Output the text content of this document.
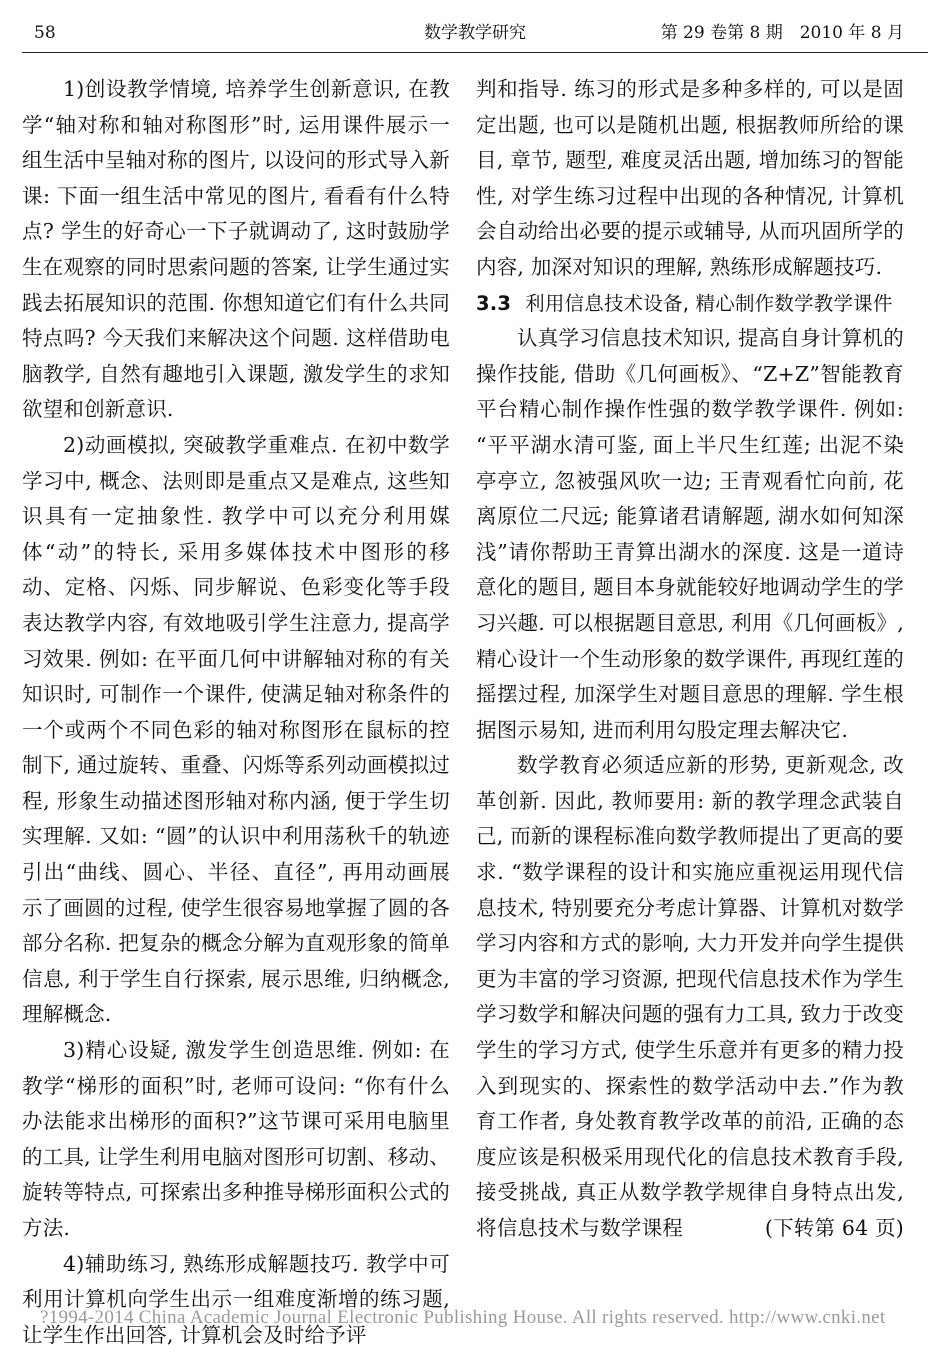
58	数学教学研究	第 29 卷第 8 期　2010 年 8 月

1)创设教学情境, 培养学生创新意识, 在教学“轴对称和轴对称图形”时, 运用课件展示一组生活中呈轴对称的图片, 以设问的形式导入新课: 下面一组生活中常见的图片, 看看有什么特点? 学生的好奇心一下子就调动了, 这时鼓励学生在观察的同时思索问题的答案, 让学生通过实践去拓展知识的范围. 你想知道它们有什么共同特点吗? 今天我们来解决这个问题. 这样借助电脑教学, 自然有趣地引入课题, 激发学生的求知欲望和创新意识.

2)动画模拟, 突破教学重难点. 在初中数学学习中, 概念、法则即是重点又是难点, 这些知识具有一定抽象性. 教学中可以充分利用媒体“动”的特长, 采用多媒体技术中图形的移动、定格、闪烁、同步解说、色彩变化等手段表达教学内容, 有效地吸引学生注意力, 提高学习效果. 例如: 在平面几何中讲解轴对称的有关知识时, 可制作一个课件, 使满足轴对称条件的一个或两个不同色彩的轴对称图形在鼠标的控制下, 通过旋转、重叠、闪烁等系列动画模拟过程, 形象生动描述图形轴对称内涵, 便于学生切实理解. 又如: “圆”的认识中利用荡秋千的轨迹引出“曲线、圆心、半径、直径”, 再用动画展示了画圆的过程, 使学生很容易地掌握了圆的各部分名称. 把复杂的概念分解为直观形象的简单信息, 利于学生自行探索, 展示思维, 归纳概念, 理解概念.

3)精心设疑, 激发学生创造思维. 例如: 在教学“梯形的面积”时, 老师可设问: “你有什么办法能求出梯形的面积?”这节课可采用电脑里的工具, 让学生利用电脑对图形可切割、移动、旋转等特点, 可探索出多种推导梯形面积公式的方法.

4)辅助练习, 熟练形成解题技巧. 教学中可利用计算机向学生出示一组难度渐增的练习题, 让学生作出回答, 计算机会及时给予评

判和指导. 练习的形式是多种多样的, 可以是固定出题, 也可以是随机出题, 根据教师所给的课目, 章节, 题型, 难度灵活出题, 增加练习的智能性, 对学生练习过程中出现的各种情况, 计算机会自动给出必要的提示或辅导, 从而巩固所学的内容, 加深对知识的理解, 熟练形成解题技巧.

3.3 利用信息技术设备, 精心制作数学教学课件

认真学习信息技术知识, 提高自身计算机的操作技能, 借助《几何画板》、“Z+Z”智能教育平台精心制作操作性强的数学教学课件. 例如: “平平湖水清可鉴, 面上半尺生红莲; 出泥不染亭亭立, 忽被强风吹一边; 王青观看忙向前, 花离原位二尺远; 能算诸君请解题, 湖水如何知深浅”请你帮助王青算出湖水的深度. 这是一道诗意化的题目, 题目本身就能较好地调动学生的学习兴趣. 可以根据题目意思, 利用《几何画板》, 精心设计一个生动形象的数学课件, 再现红莲的摇摆过程, 加深学生对题目意思的理解. 学生根据图示易知, 进而利用勾股定理去解决它.

数学教育必须适应新的形势, 更新观念, 改革创新. 因此, 教师要用: 新的教学理念武装自己, 而新的课程标准向数学教师提出了更高的要求. “数学课程的设计和实施应重视运用现代信息技术, 特别要充分考虑计算器、计算机对数学学习内容和方式的影响, 大力开发并向学生提供更为丰富的学习资源, 把现代信息技术作为学生学习数学和解决问题的强有力工具, 致力于改变学生的学习方式, 使学生乐意并有更多的精力投入到现实的、探索性的数学活动中去.”作为教育工作者, 身处教育教学改革的前沿, 正确的态度应该是积极采用现代化的信息技术教育手段, 接受挑战, 真正从数学教学规律自身特点出发, 将信息技术与数学课程	(下转第 64 页)

?1994-2014 China Academic Journal Electronic Publishing House. All rights reserved. http://www.cnki.net
